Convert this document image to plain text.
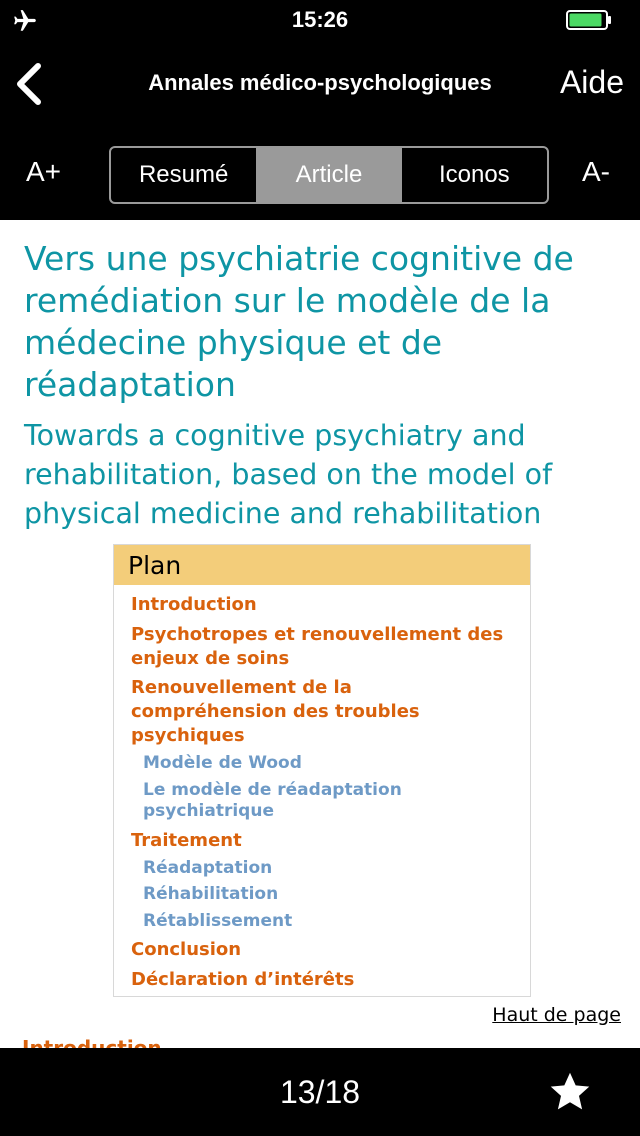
15:26
Annales médico-psychologiques	Aide
A+	Resumé	Article	Iconos	A-
Vers une psychiatrie cognitive de remédiation sur le modèle de la médecine physique et de réadaptation
Towards a cognitive psychiatry and rehabilitation, based on the model of physical medicine and rehabilitation
Plan
Introduction
Psychotropes et renouvellement des enjeux de soins
Renouvellement de la compréhension des troubles psychiques
Modèle de Wood
Le modèle de réadaptation psychiatrique
Traitement
Réadaptation
Réhabilitation
Rétablissement
Conclusion
Déclaration d’intérêts
Haut de page
13/18
